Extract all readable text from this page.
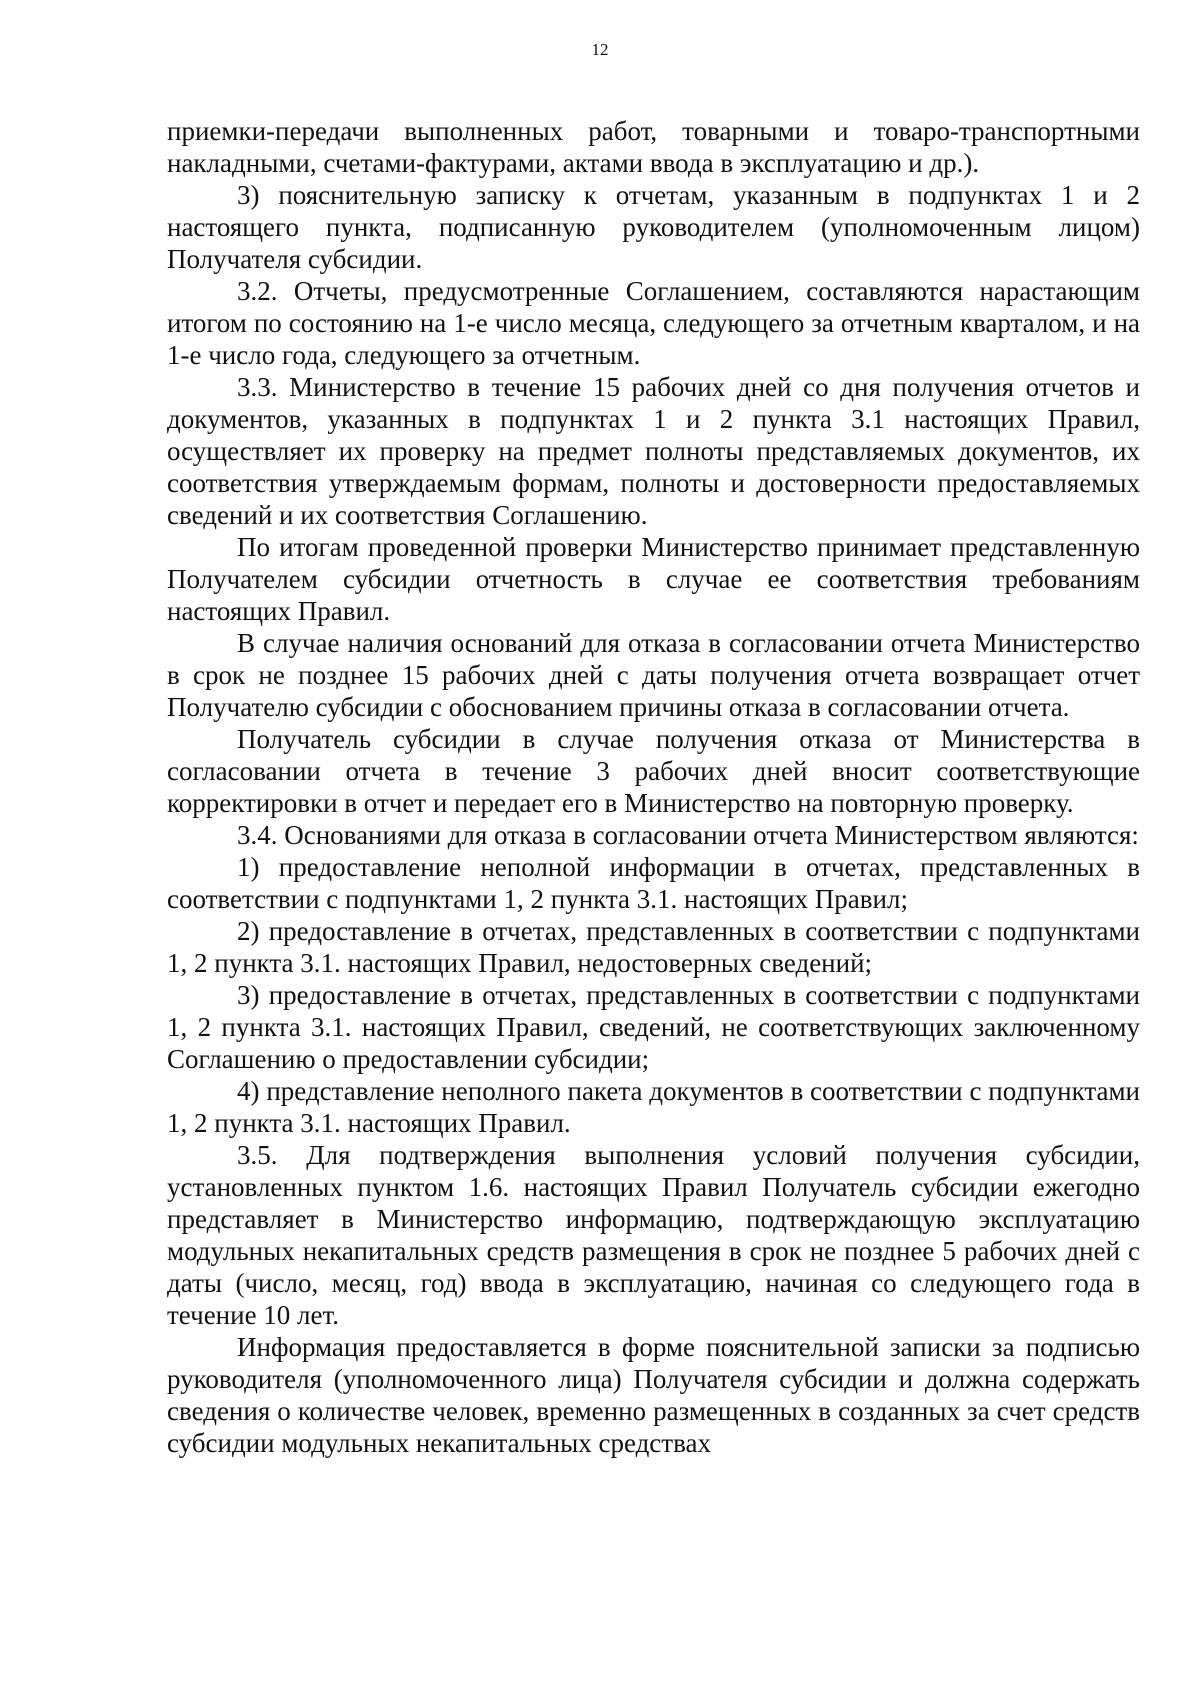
12

приемки-передачи выполненных работ, товарными и товаро-транспортными накладными, счетами-фактурами, актами ввода в эксплуатацию и др.).

3) пояснительную записку к отчетам, указанным в подпунктах 1 и 2 настоящего пункта, подписанную руководителем (уполномоченным лицом) Получателя субсидии.

3.2. Отчеты, предусмотренные Соглашением, составляются нарастающим итогом по состоянию на 1-е число месяца, следующего за отчетным кварталом, и на 1-е число года, следующего за отчетным.

3.3. Министерство в течение 15 рабочих дней со дня получения отчетов и документов, указанных в подпунктах 1 и 2 пункта 3.1 настоящих Правил, осуществляет их проверку на предмет полноты представляемых документов, их соответствия утверждаемым формам, полноты и достоверности предоставляемых сведений и их соответствия Соглашению.

По итогам проведенной проверки Министерство принимает представленную Получателем субсидии отчетность в случае ее соответствия требованиям настоящих Правил.

В случае наличия оснований для отказа в согласовании отчета Министерство в срок не позднее 15 рабочих дней с даты получения отчета возвращает отчет Получателю субсидии с обоснованием причины отказа в согласовании отчета.

Получатель субсидии в случае получения отказа от Министерства в согласовании отчета в течение 3 рабочих дней вносит соответствующие корректировки в отчет и передает его в Министерство на повторную проверку.

3.4. Основаниями для отказа в согласовании отчета Министерством являются:

1) предоставление неполной информации в отчетах, представленных в соответствии с подпунктами 1, 2 пункта 3.1. настоящих Правил;

2) предоставление в отчетах, представленных в соответствии с подпунктами 1, 2 пункта 3.1. настоящих Правил, недостоверных сведений;

3) предоставление в отчетах, представленных в соответствии с подпунктами 1, 2 пункта 3.1. настоящих Правил, сведений, не соответствующих заключенному Соглашению о предоставлении субсидии;

4) представление неполного пакета документов в соответствии с подпунктами 1, 2 пункта 3.1. настоящих Правил.

3.5. Для подтверждения выполнения условий получения субсидии, установленных пунктом 1.6. настоящих Правил Получатель субсидии ежегодно представляет в Министерство информацию, подтверждающую эксплуатацию модульных некапитальных средств размещения в срок не позднее 5 рабочих дней с даты (число, месяц, год) ввода в эксплуатацию, начиная со следующего года в течение 10 лет.

Информация предоставляется в форме пояснительной записки за подписью руководителя (уполномоченного лица) Получателя субсидии и должна содержать сведения о количестве человек, временно размещенных в созданных за счет средств субсидии модульных некапитальных средствах
